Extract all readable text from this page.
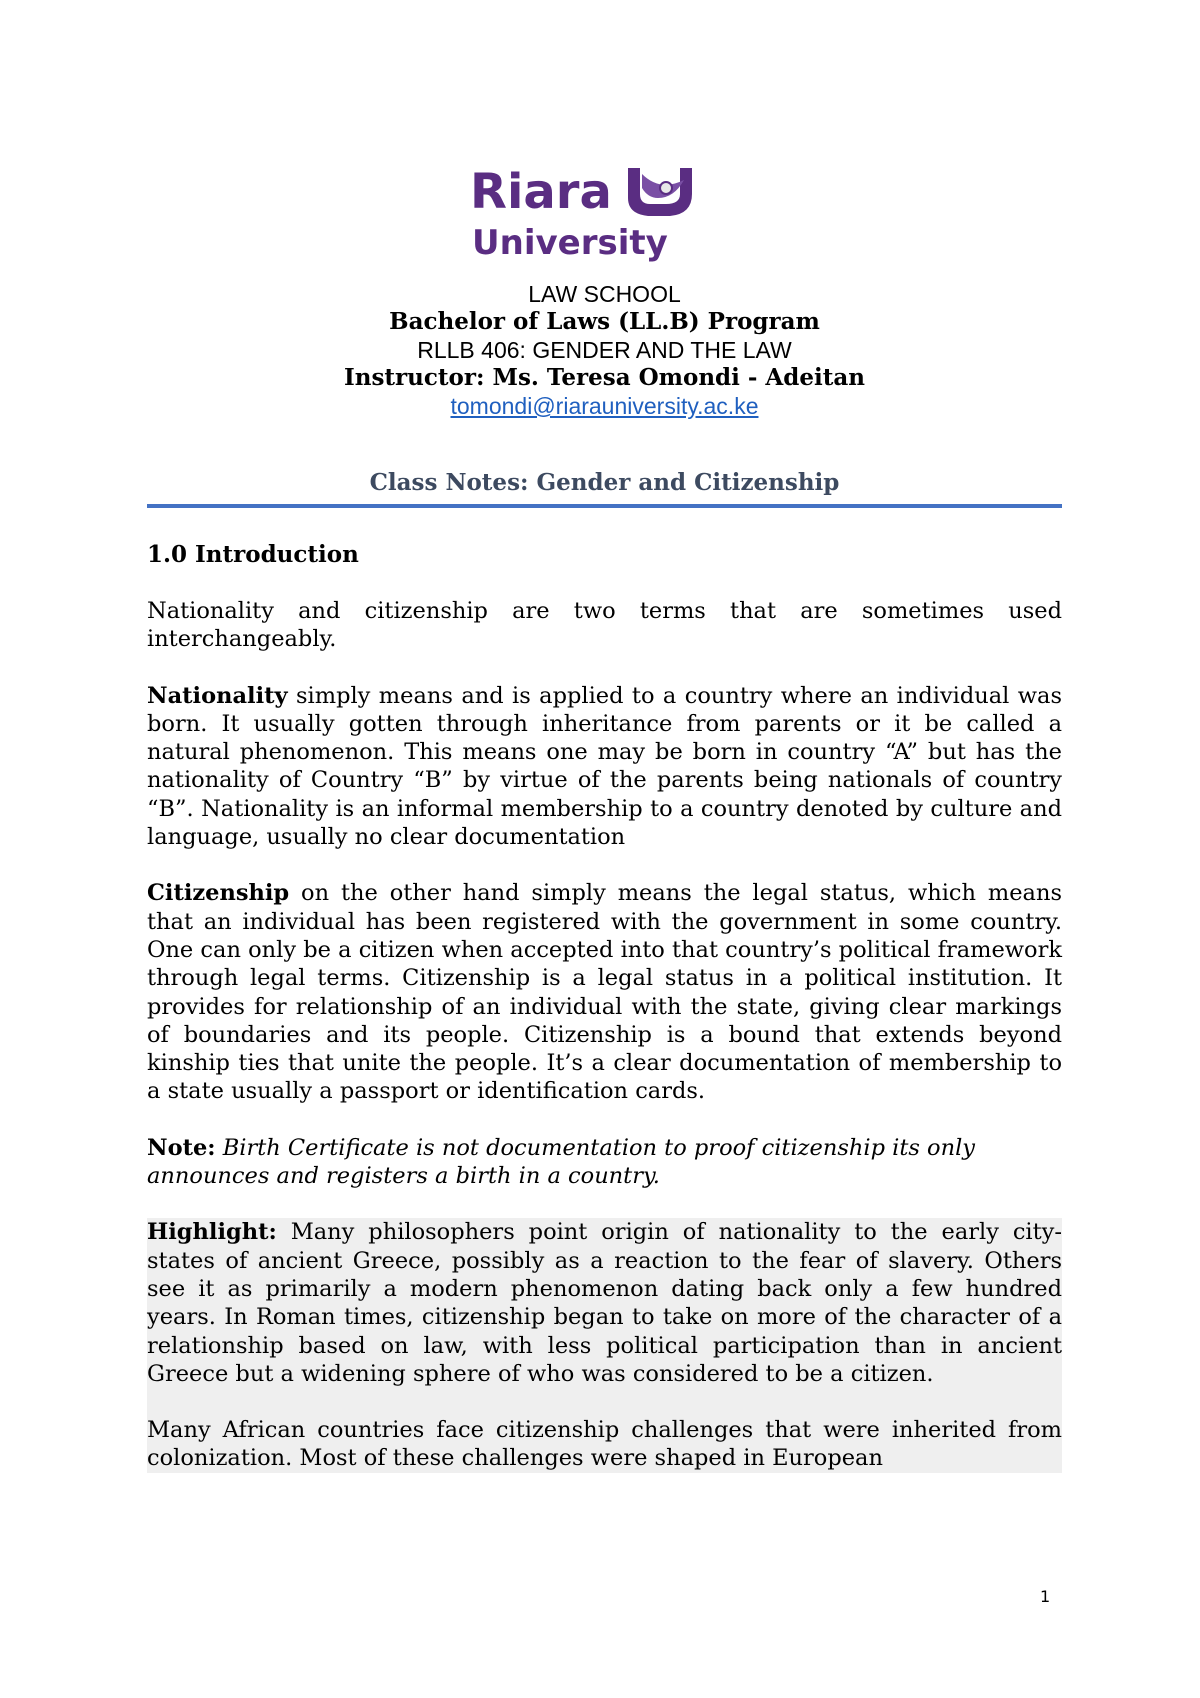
Riara
University
LAW SCHOOL
Bachelor of Laws (LL.B) Program
RLLB 406: GENDER AND THE LAW
Instructor: Ms. Teresa Omondi - Adeitan
tomondi@riarauniversity.ac.ke
Class Notes: Gender and Citizenship
1.0 Introduction

Nationality and citizenship are two terms that are sometimes used interchangeably.

Nationality simply means and is applied to a country where an individual was born. It usually gotten through inheritance from parents or it be called a natural phenomenon. This means one may be born in country “A” but has the nationality of Country “B” by virtue of the parents being nationals of country “B”. Nationality is an informal membership to a country denoted by culture and language, usually no clear documentation

Citizenship on the other hand simply means the legal status, which means that an individual has been registered with the government in some country. One can only be a citizen when accepted into that country’s political framework through legal terms. Citizenship is a legal status in a political institution. It provides for relationship of an individual with the state, giving clear markings of boundaries and its people. Citizenship is a bound that extends beyond kinship ties that unite the people. It’s a clear documentation of membership to a state usually a passport or identification cards.

Note: Birth Certificate is not documentation to proof citizenship its only announces and registers a birth in a country.

Highlight: Many philosophers point origin of nationality to the early city-states of ancient Greece, possibly as a reaction to the fear of slavery. Others see it as primarily a modern phenomenon dating back only a few hundred years. In Roman times, citizenship began to take on more of the character of a relationship based on law, with less political participation than in ancient Greece but a widening sphere of who was considered to be a citizen.

Many African countries face citizenship challenges that were inherited from colonization. Most of these challenges were shaped in European

1
